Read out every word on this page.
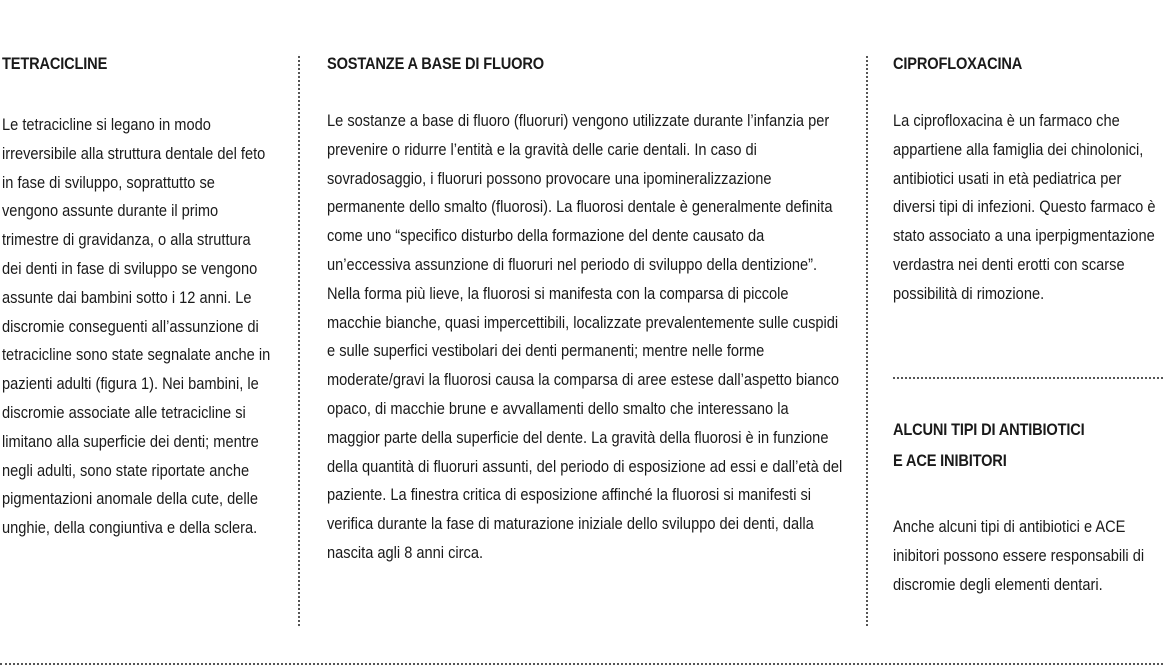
TETRACICLINE

Le tetracicline si legano in modo irreversibile alla struttura dentale del feto in fase di sviluppo, soprattutto se vengono assunte durante il primo trimestre di gravidanza, o alla struttura dei denti in fase di sviluppo se vengono assunte dai bambini sotto i 12 anni. Le discromie conseguenti all’assunzione di tetracicline sono state segnalate anche in pazienti adulti (figura 1). Nei bambini, le discromie associate alle tetracicline si limitano alla superficie dei denti; mentre negli adulti, sono state riportate anche pigmentazioni anomale della cute, delle unghie, della congiuntiva e della sclera.

SOSTANZE A BASE DI FLUORO

Le sostanze a base di fluoro (fluoruri) vengono utilizzate durante l’infanzia per prevenire o ridurre l’entità e la gravità delle carie dentali. In caso di sovradosaggio, i fluoruri possono provocare una ipomineralizzazione permanente dello smalto (fluorosi). La fluorosi dentale è generalmente definita come uno “specifico disturbo della formazione del dente causato da un’eccessiva assunzione di fluoruri nel periodo di sviluppo della dentizione”. Nella forma più lieve, la fluorosi si manifesta con la comparsa di piccole macchie bianche, quasi impercettibili, localizzate prevalentemente sulle cuspidi e sulle superfici vestibolari dei denti permanenti; mentre nelle forme moderate/gravi la fluorosi causa la comparsa di aree estese dall’aspetto bianco opaco, di macchie brune e avvallamenti dello smalto che interessano la maggior parte della superficie del dente. La gravità della fluorosi è in funzione della quantità di fluoruri assunti, del periodo di esposizione ad essi e dall’età del paziente. La finestra critica di esposizione affinché la fluorosi si manifesti si verifica durante la fase di maturazione iniziale dello sviluppo dei denti, dalla nascita agli 8 anni circa.

CIPROFLOXACINA

La ciprofloxacina è un farmaco che appartiene alla famiglia dei chinolonici, antibiotici usati in età pediatrica per diversi tipi di infezioni. Questo farmaco è stato associato a una iperpigmentazione verdastra nei denti erotti con scarse possibilità di rimozione.

ALCUNI TIPI DI ANTIBIOTICI
E ACE INIBITORI

Anche alcuni tipi di antibiotici e ACE inibitori possono essere responsabili di discromie degli elementi dentari.
